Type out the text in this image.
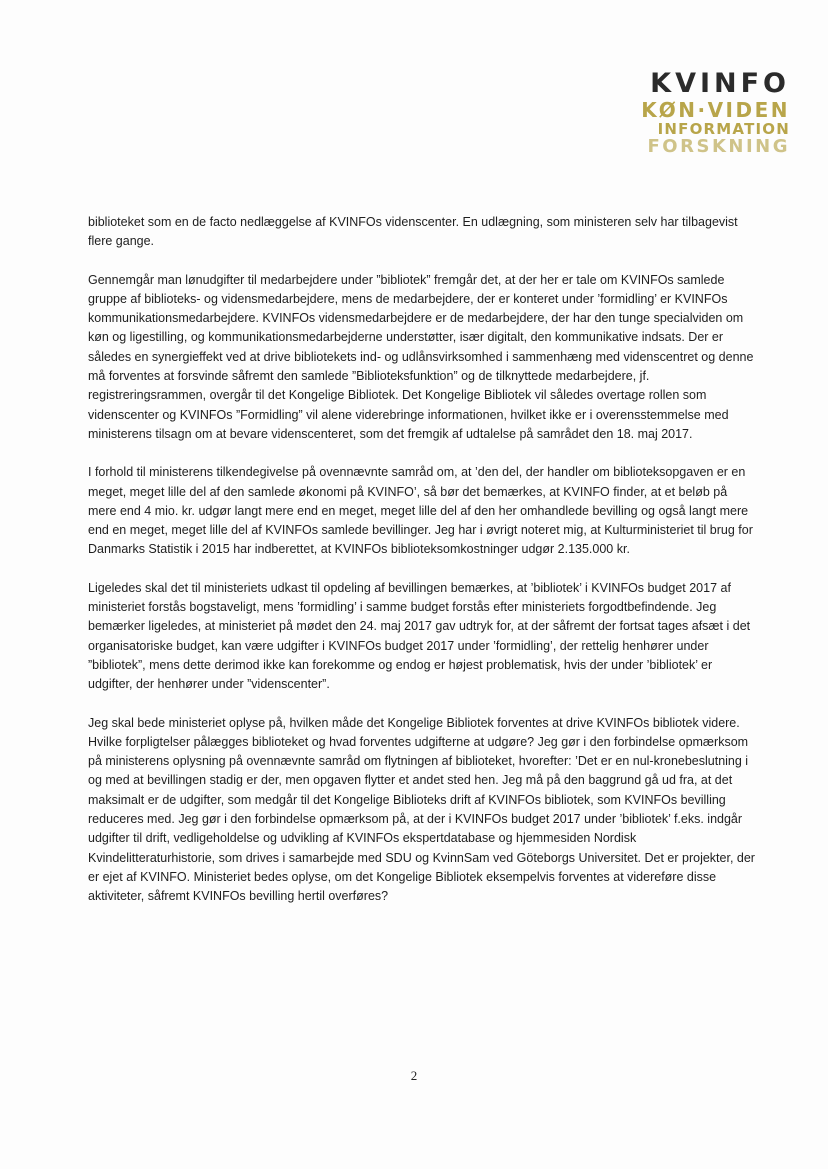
KVINFO
KØN·VIDEN
INFORMATION
FORSKNING

biblioteket som en de facto nedlæggelse af KVINFOs videnscenter. En udlægning, som ministeren selv har tilbagevist flere gange.

Gennemgår man lønudgifter til medarbejdere under ”bibliotek” fremgår det, at der her er tale om KVINFOs samlede gruppe af biblioteks- og vidensmedarbejdere, mens de medarbejdere, der er konteret under ’formidling’ er KVINFOs kommunikationsmedarbejdere. KVINFOs vidensmedarbejdere er de medarbejdere, der har den tunge specialviden om køn og ligestilling, og kommunikationsmedarbejderne understøtter, især digitalt, den kommunikative indsats. Der er således en synergieffekt ved at drive bibliotekets ind- og udlånsvirksomhed i sammenhæng med videnscentret og denne må forventes at forsvinde såfremt den samlede ”Biblioteksfunktion” og de tilknyttede medarbejdere, jf. registreringsrammen, overgår til det Kongelige Bibliotek. Det Kongelige Bibliotek vil således overtage rollen som videnscenter og KVINFOs ”Formidling” vil alene viderebringe informationen, hvilket ikke er i overensstemmelse med ministerens tilsagn om at bevare videnscenteret, som det fremgik af udtalelse på samrådet den 18. maj 2017.

I forhold til ministerens tilkendegivelse på ovennævnte samråd om, at ’den del, der handler om biblioteksopgaven er en meget, meget lille del af den samlede økonomi på KVINFO’, så bør det bemærkes, at KVINFO finder, at et beløb på mere end 4 mio. kr. udgør langt mere end en meget, meget lille del af den her omhandlede bevilling og også langt mere end en meget, meget lille del af KVINFOs samlede bevillinger. Jeg har i øvrigt noteret mig, at Kulturministeriet til brug for Danmarks Statistik i 2015 har indberettet, at KVINFOs biblioteksomkostninger udgør 2.135.000 kr.

Ligeledes skal det til ministeriets udkast til opdeling af bevillingen bemærkes, at ’bibliotek’ i KVINFOs budget 2017 af ministeriet forstås bogstaveligt, mens ’formidling’ i samme budget forstås efter ministeriets forgodtbefindende. Jeg bemærker ligeledes, at ministeriet på mødet den 24. maj 2017 gav udtryk for, at der såfremt der fortsat tages afsæt i det organisatoriske budget, kan være udgifter i KVINFOs budget 2017 under ’formidling’, der rettelig henhører under ”bibliotek”, mens dette derimod ikke kan forekomme og endog er højest problematisk, hvis der under ’bibliotek’ er udgifter, der henhører under ”videnscenter”.

Jeg skal bede ministeriet oplyse på, hvilken måde det Kongelige Bibliotek forventes at drive KVINFOs bibliotek videre. Hvilke forpligtelser pålægges biblioteket og hvad forventes udgifterne at udgøre? Jeg gør i den forbindelse opmærksom på ministerens oplysning på ovennævnte samråd om flytningen af biblioteket, hvorefter: ’Det er en nul-kronebeslutning i og med at bevillingen stadig er der, men opgaven flytter et andet sted hen. Jeg må på den baggrund gå ud fra, at det maksimalt er de udgifter, som medgår til det Kongelige Biblioteks drift af KVINFOs bibliotek, som KVINFOs bevilling reduceres med. Jeg gør i den forbindelse opmærksom på, at der i KVINFOs budget 2017 under ’bibliotek’ f.eks. indgår udgifter til drift, vedligeholdelse og udvikling af KVINFOs ekspertdatabase og hjemmesiden Nordisk Kvindelitteraturhistorie, som drives i samarbejde med SDU og KvinnSam ved Göteborgs Universitet. Det er projekter, der er ejet af KVINFO. Ministeriet bedes oplyse, om det Kongelige Bibliotek eksempelvis forventes at videreføre disse aktiviteter, såfremt KVINFOs bevilling hertil overføres?

2
